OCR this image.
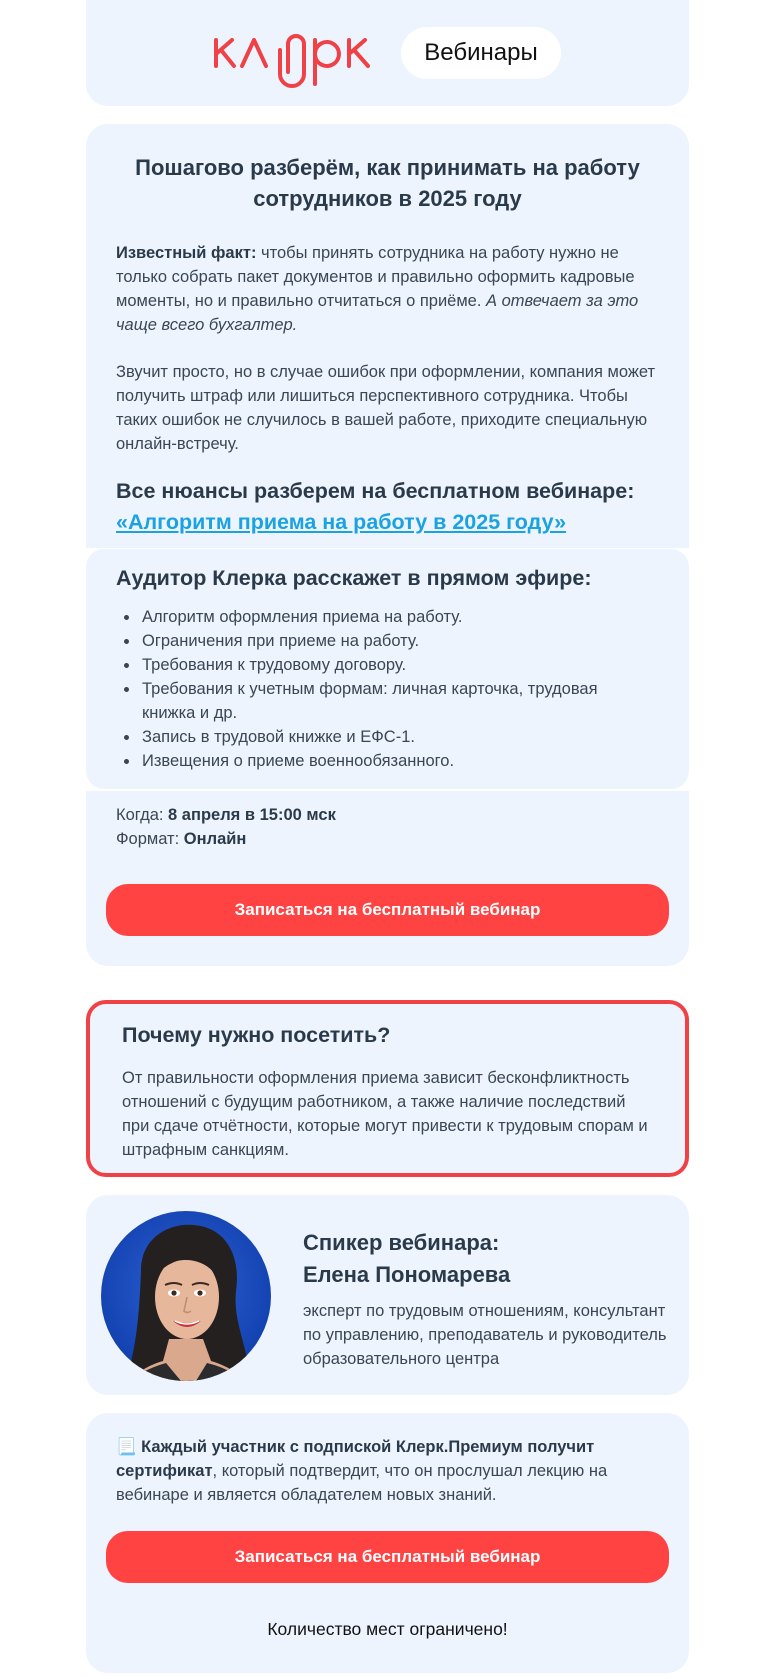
Вебинары
Пошагово разберём, как принимать на работу сотрудников в 2025 году
Известный факт: чтобы принять сотрудника на работу нужно не только собрать пакет документов и правильно оформить кадровые моменты, но и правильно отчитаться о приёме. А отвечает за это чаще всего бухгалтер.
Звучит просто, но в случае ошибок при оформлении, компания может получить штраф или лишиться перспективного сотрудника. Чтобы таких ошибок не случилось в вашей работе, приходите специальную онлайн-встречу.
Все нюансы разберем на бесплатном вебинаре:
«Алгоритм приема на работу в 2025 году»
Аудитор Клерка расскажет в прямом эфире:
• Алгоритм оформления приема на работу.
• Ограничения при приеме на работу.
• Требования к трудовому договору.
• Требования к учетным формам: личная карточка, трудовая книжка и др.
• Запись в трудовой книжке и ЕФС-1.
• Извещения о приеме военнообязанного.
Когда: 8 апреля в 15:00 мск
Формат: Онлайн
Записаться на бесплатный вебинар
Почему нужно посетить?
От правильности оформления приема зависит бесконфликтность отношений с будущим работником, а также наличие последствий при сдаче отчётности, которые могут привести к трудовым спорам и штрафным санкциям.
Спикер вебинара:
Елена Пономарева
эксперт по трудовым отношениям, консультант по управлению, преподаватель и руководитель образовательного центра
📃 Каждый участник с подпиской Клерк.Премиум получит сертификат, который подтвердит, что он прослушал лекцию на вебинаре и является обладателем новых знаний.
Записаться на бесплатный вебинар
Количество мест ограничено!
